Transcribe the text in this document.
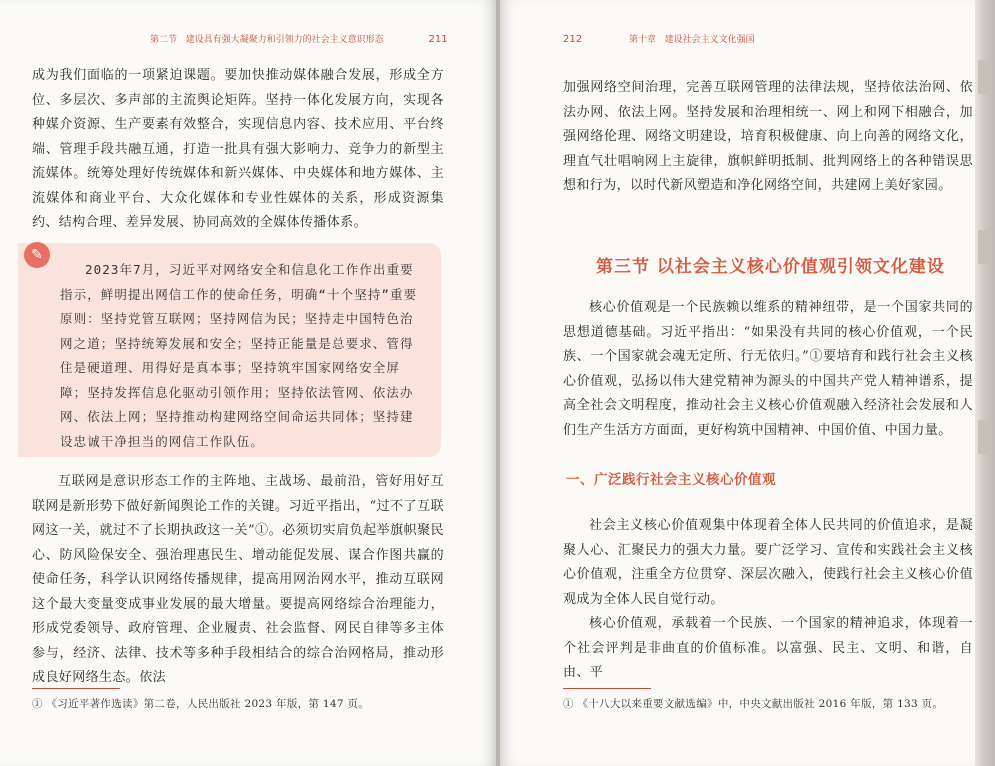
第二节 建设具有强大凝聚力和引领力的社会主义意识形态	211

成为我们面临的一项紧迫课题。要加快推动媒体融合发展，形成全方位、多层次、多声部的主流舆论矩阵。坚持一体化发展方向，实现各种媒介资源、生产要素有效整合，实现信息内容、技术应用、平台终端、管理手段共融互通，打造一批具有强大影响力、竞争力的新型主流媒体。统筹处理好传统媒体和新兴媒体、中央媒体和地方媒体、主流媒体和商业平台、大众化媒体和专业性媒体的关系，形成资源集约、结构合理、差异发展、协同高效的全媒体传播体系。

✎

2023年7月，习近平对网络安全和信息化工作作出重要指示，鲜明提出网信工作的使命任务，明确“十个坚持”重要原则：坚持党管互联网；坚持网信为民；坚持走中国特色治网之道；坚持统筹发展和安全；坚持正能量是总要求、管得住是硬道理、用得好是真本事；坚持筑牢国家网络安全屏障；坚持发挥信息化驱动引领作用；坚持依法管网、依法办网、依法上网；坚持推动构建网络空间命运共同体；坚持建设忠诚干净担当的网信工作队伍。

互联网是意识形态工作的主阵地、主战场、最前沿，管好用好互联网是新形势下做好新闻舆论工作的关键。习近平指出，“过不了互联网这一关，就过不了长期执政这一关”①。必须切实肩负起举旗帜聚民心、防风险保安全、强治理惠民生、增动能促发展、谋合作图共赢的使命任务，科学认识网络传播规律，提高用网治网水平，推动互联网这个最大变量变成事业发展的最大增量。要提高网络综合治理能力，形成党委领导、政府管理、企业履责、社会监督、网民自律等多主体参与，经济、法律、技术等多种手段相结合的综合治网格局，推动形成良好网络生态。依法

① 《习近平著作选读》第二卷，人民出版社 2023 年版，第 147 页。
212	第十章 建设社会主义文化强国

加强网络空间治理，完善互联网管理的法律法规，坚持依法治网、依法办网、依法上网。坚持发展和治理相统一、网上和网下相融合，加强网络伦理、网络文明建设，培育积极健康、向上向善的网络文化，理直气壮唱响网上主旋律，旗帜鲜明抵制、批判网络上的各种错误思想和行为，以时代新风塑造和净化网络空间，共建网上美好家园。

第三节 以社会主义核心价值观引领文化建设

核心价值观是一个民族赖以维系的精神纽带，是一个国家共同的思想道德基础。习近平指出：“如果没有共同的核心价值观，一个民族、一个国家就会魂无定所、行无依归。”①要培育和践行社会主义核心价值观，弘扬以伟大建党精神为源头的中国共产党人精神谱系，提高全社会文明程度，推动社会主义核心价值观融入经济社会发展和人们生产生活方方面面，更好构筑中国精神、中国价值、中国力量。

一、广泛践行社会主义核心价值观

社会主义核心价值观集中体现着全体人民共同的价值追求，是凝聚人心、汇聚民力的强大力量。要广泛学习、宣传和实践社会主义核心价值观，注重全方位贯穿、深层次融入，使践行社会主义核心价值观成为全体人民自觉行动。

核心价值观，承载着一个民族、一个国家的精神追求，体现着一个社会评判是非曲直的价值标准。以富强、民主、文明、和谐，自由、平

① 《十八大以来重要文献选编》中，中央文献出版社 2016 年版，第 133 页。
